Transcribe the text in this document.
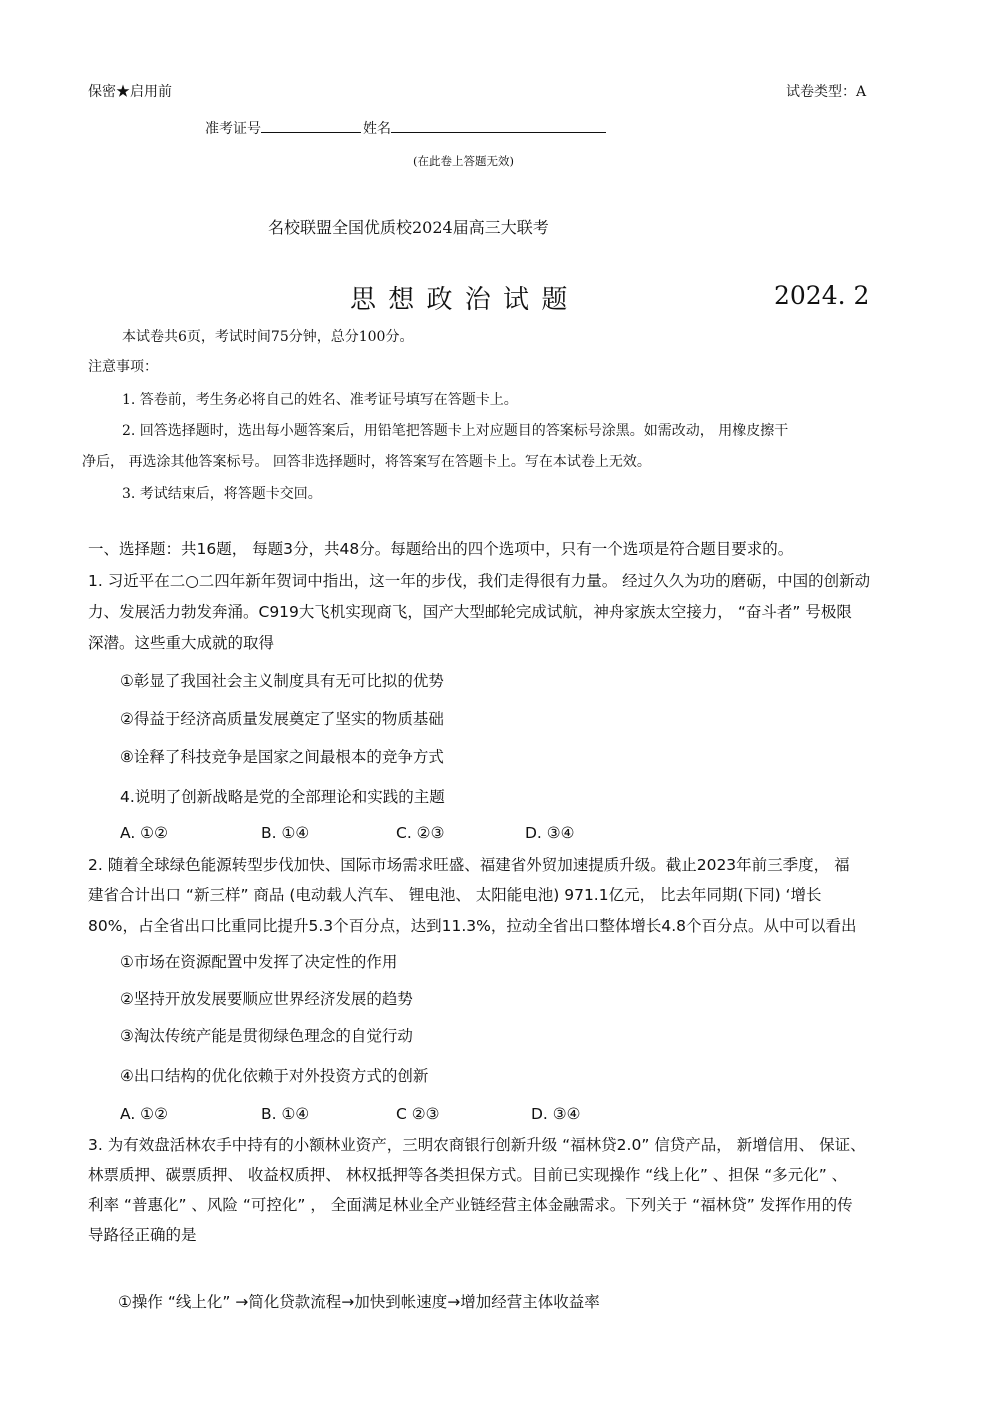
保密★启用前	试卷类型：A
准考证号	姓名
(在此卷上答题无效)
名校联盟全国优质校2024届高三大联考
思 想 政 治 试 题	2024. 2
本试卷共6页，考试时间75分钟，总分100分。
注意事项：
1. 答卷前，考生务必将自己的姓名、准考证号填写在答题卡上。
2. 回答选择题时，选出每小题答案后，用铅笔把答题卡上对应题目的答案标号涂黑。如需改动， 用橡皮擦干
净后， 再选涂其他答案标号。 回答非选择题时，将答案写在答题卡上。写在本试卷上无效。
3. 考试结束后，将答题卡交回。
一、选择题：共16题， 每题3分，共48分。每题给出的四个选项中，只有一个选项是符合题目要求的。
1. 习近平在二○二四年新年贺词中指出，这一年的步伐，我们走得很有力量。 经过久久为功的磨砺，中国的创新动
力、发展活力勃发奔涌。C919大飞机实现商飞，国产大型邮轮完成试航，神舟家族太空接力， “奋斗者” 号极限
深潜。这些重大成就的取得
①彰显了我国社会主义制度具有无可比拟的优势
②得益于经济高质量发展奠定了坚实的物质基础
⑧诠释了科技竞争是国家之间最根本的竞争方式
4.说明了创新战略是党的全部理论和实践的主题
A. ①②	B. ①④	C. ②③	D. ③④
2. 随着全球绿色能源转型步伐加快、国际市场需求旺盛、福建省外贸加速提质升级。截止2023年前三季度， 福
建省合计出口 “新三样” 商品 (电动载人汽车、 锂电池、 太阳能电池) 971.1亿元， 比去年同期(下同) ‘增长
80%，占全省出口比重同比提升5.3个百分点，达到11.3%，拉动全省出口整体增长4.8个百分点。从中可以看出
①市场在资源配置中发挥了决定性的作用
②坚持开放发展要顺应世界经济发展的趋势
③淘汰传统产能是贯彻绿色理念的自觉行动
④出口结构的优化依赖于对外投资方式的创新
A. ①②	B. ①④	C ②③	D. ③④
3. 为有效盘活林农手中持有的小额林业资产，三明农商银行创新升级 “福林贷2.0” 信贷产品， 新增信用、 保证、
林票质押、碳票质押、 收益权质押、 林权抵押等各类担保方式。目前已实现操作 “线上化” 、担保 “多元化” 、
利率 “普惠化” 、风险 “可控化” ， 全面满足林业全产业链经营主体金融需求。下列关于 “福林贷” 发挥作用的传
导路径正确的是
①操作 “线上化” →简化贷款流程→加快到帐速度→增加经营主体收益率
